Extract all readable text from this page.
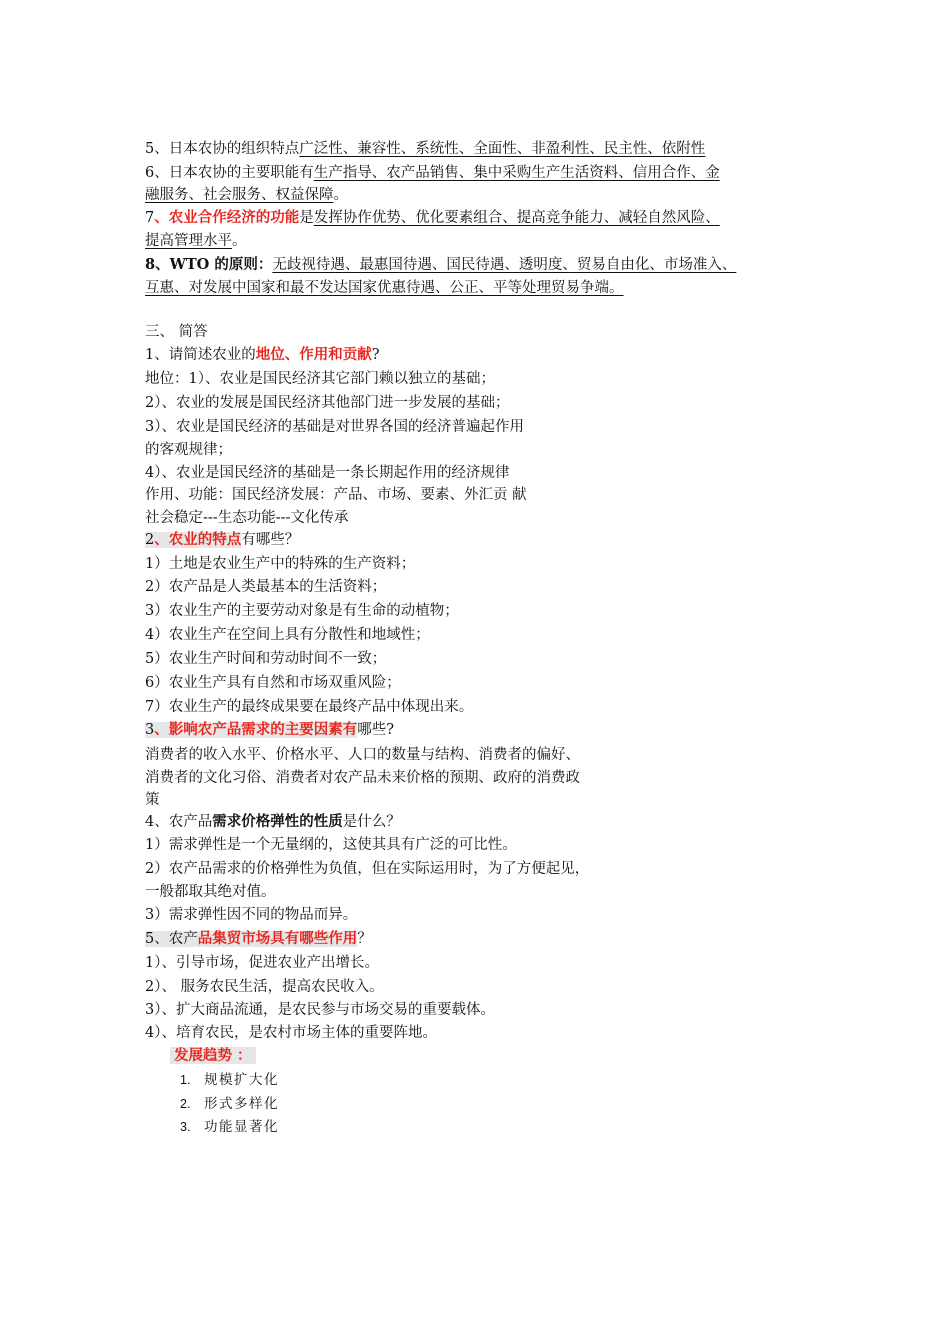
5、日本农协的组织特点广泛性、兼容性、系统性、全面性、非盈利性、民主性、依附性
6、日本农协的主要职能有生产指导、农产品销售、集中采购生产生活资料、信用合作、金
融服务、社会服务、权益保障。
7、农业合作经济的功能是发挥协作优势、优化要素组合、提高竞争能力、减轻自然风险、
提高管理水平。
8、WTO 的原则：无歧视待遇、最惠国待遇、国民待遇、透明度、贸易自由化、市场准入、
互惠、对发展中国家和最不发达国家优惠待遇、公正、平等处理贸易争端。
三、 简答
1、请简述农业的地位、作用和贡献?
地位：1）、农业是国民经济其它部门赖以独立的基础；
2）、农业的发展是国民经济其他部门进一步发展的基础；
3）、农业是国民经济的基础是对世界各国的经济普遍起作用
的客观规律；
4）、农业是国民经济的基础是一条长期起作用的经济规律
作用、功能：国民经济发展：产品、市场、要素、外汇贡 献
社会稳定---生态功能---文化传承
2、农业的特点有哪些？
1）土地是农业生产中的特殊的生产资料；
2）农产品是人类最基本的生活资料；
3）农业生产的主要劳动对象是有生命的动植物；
4）农业生产在空间上具有分散性和地域性；
5）农业生产时间和劳动时间不一致；
6）农业生产具有自然和市场双重风险；
7）农业生产的最终成果要在最终产品中体现出来。
3、影响农产品需求的主要因素有哪些?
消费者的收入水平、价格水平、人口的数量与结构、消费者的偏好、
消费者的文化习俗、消费者对农产品未来价格的预期、政府的消费政
策
4、农产品需求价格弹性的性质是什么？
1）需求弹性是一个无量纲的，这使其具有广泛的可比性。
2）农产品需求的价格弹性为负值，但在实际运用时，为了方便起见，
一般都取其绝对值。
3）需求弹性因不同的物品而异。
5、农产品集贸市场具有哪些作用？
1）、引导市场，促进农业产出增长。
2）、 服务农民生活，提高农民收入。
3）、扩大商品流通，是农民参与市场交易的重要载体。
4）、培育农民，是农村市场主体的重要阵地。
发展趋势 ：
1. 规模扩大化
2. 形式多样化
3. 功能显著化
